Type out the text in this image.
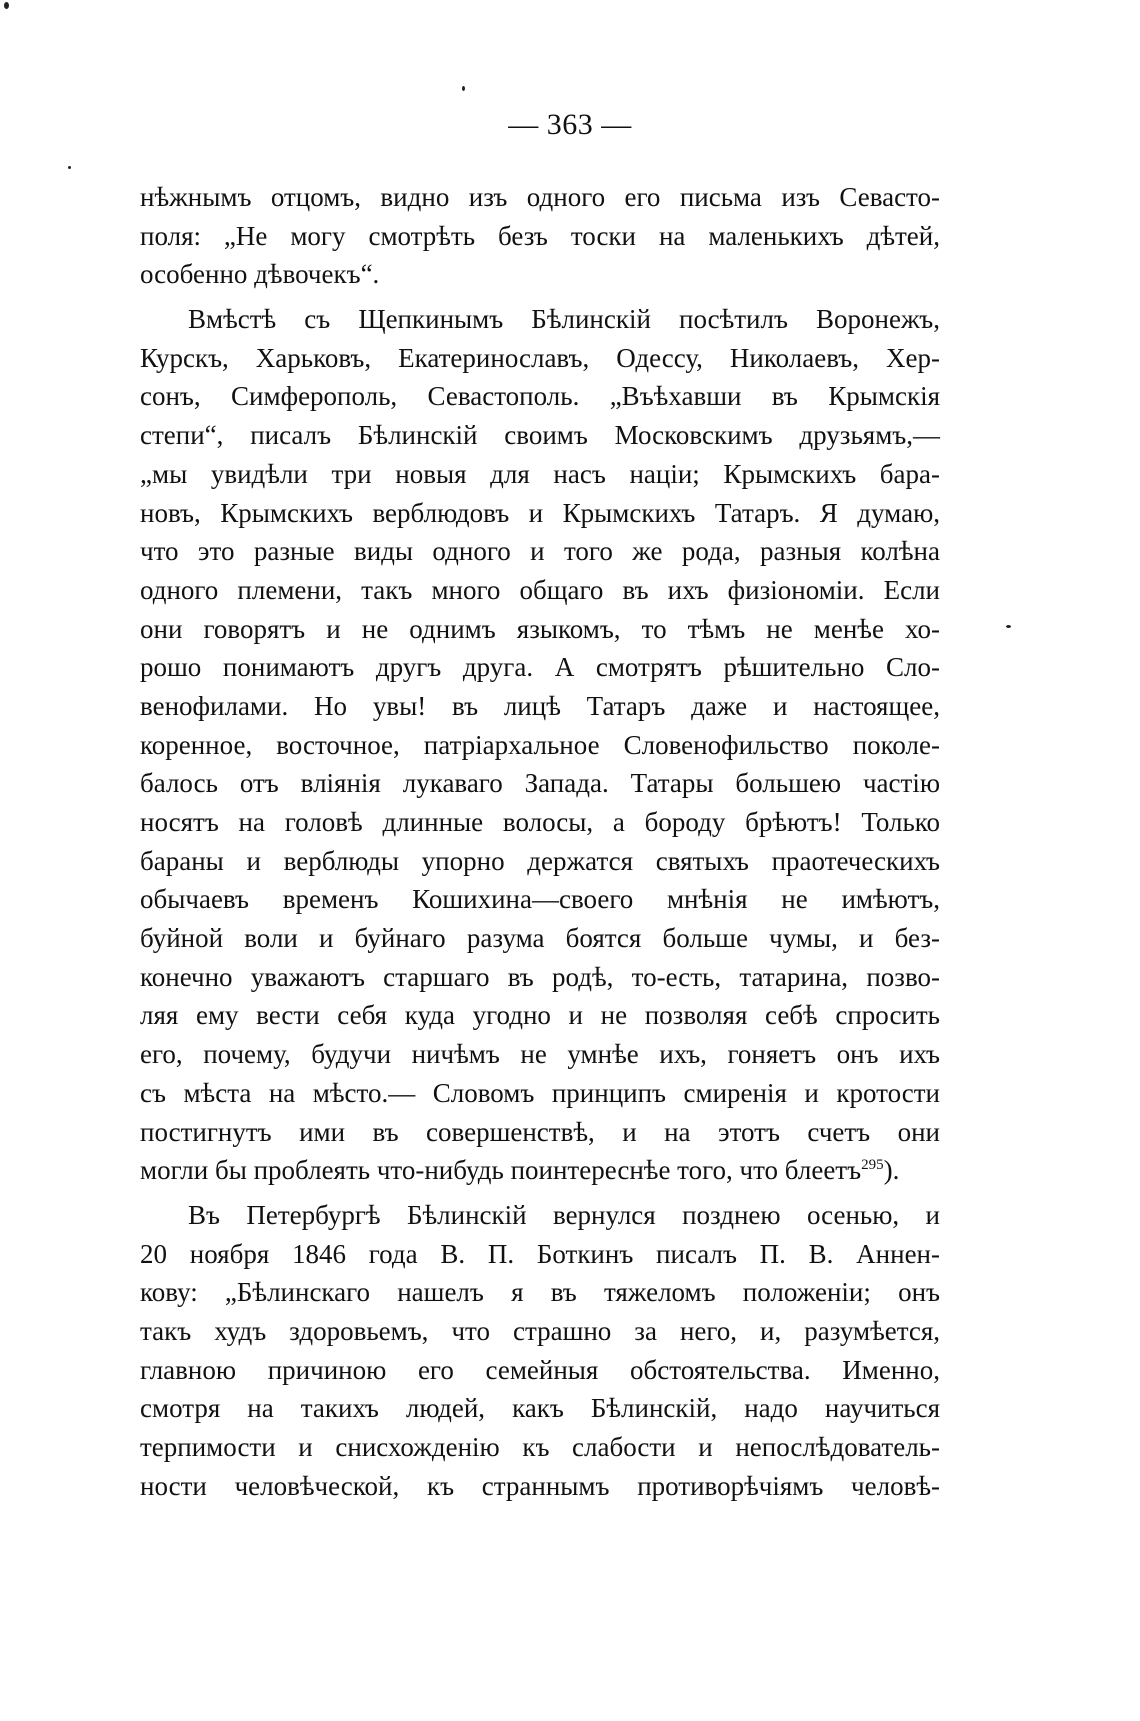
— 363 —
нѣжнымъ отцомъ, видно изъ одного его письма изъ Севасто-
поля: „Не могу смотрѣть безъ тоски на маленькихъ дѣтей,
особенно дѣвочекъ“.
Вмѣстѣ съ Щепкинымъ Бѣлинскій посѣтилъ Воронежъ,
Курскъ, Харьковъ, Екатеринославъ, Одессу, Николаевъ, Хер-
сонъ, Симферополь, Севастополь. „Въѣхавши въ Крымскія
степи“, писалъ Бѣлинскій своимъ Московскимъ друзьямъ,—
„мы увидѣли три новыя для насъ націи; Крымскихъ бара-
новъ, Крымскихъ верблюдовъ и Крымскихъ Татаръ. Я думаю,
что это разные виды одного и того же рода, разныя колѣна
одного племени, такъ много общаго въ ихъ физіономіи. Если
они говорятъ и не однимъ языкомъ, то тѣмъ не менѣе хо-
рошо понимаютъ другъ друга. А смотрятъ рѣшительно Сло-
венофилами. Но увы! въ лицѣ Татаръ даже и настоящее,
коренное, восточное, патріархальное Словенофильство поколе-
балось отъ вліянія лукаваго Запада. Татары большею частію
носятъ на головѣ длинные волосы, а бороду брѣютъ! Только
бараны и верблюды упорно держатся святыхъ праотеческихъ
обычаевъ временъ Кошихина—своего мнѣнія не имѣютъ,
буйной воли и буйнаго разума боятся больше чумы, и без-
конечно уважаютъ старшаго въ родѣ, то-есть, татарина, позво-
ляя ему вести себя куда угодно и не позволяя себѣ спросить
его, почему, будучи ничѣмъ не умнѣе ихъ, гоняетъ онъ ихъ
съ мѣста на мѣсто.— Словомъ принципъ смиренія и кротости
постигнутъ ими въ совершенствѣ, и на этотъ счетъ они
могли бы проблеять что-нибудь поинтереснѣе того, что блеетъ$^{295}$).
Въ Петербургѣ Бѣлинскій вернулся позднею осенью, и
20 ноября 1846 года В. П. Боткинъ писалъ П. В. Аннен-
кову: „Бѣлинскаго нашелъ я въ тяжеломъ положеніи; онъ
такъ худъ здоровьемъ, что страшно за него, и, разумѣется,
главною причиною его семейныя обстоятельства. Именно,
смотря на такихъ людей, какъ Бѣлинскій, надо научиться
терпимости и снисхожденію къ слабости и непослѣдователь-
ности человѣческой, къ страннымъ противорѣчіямъ человѣ-
